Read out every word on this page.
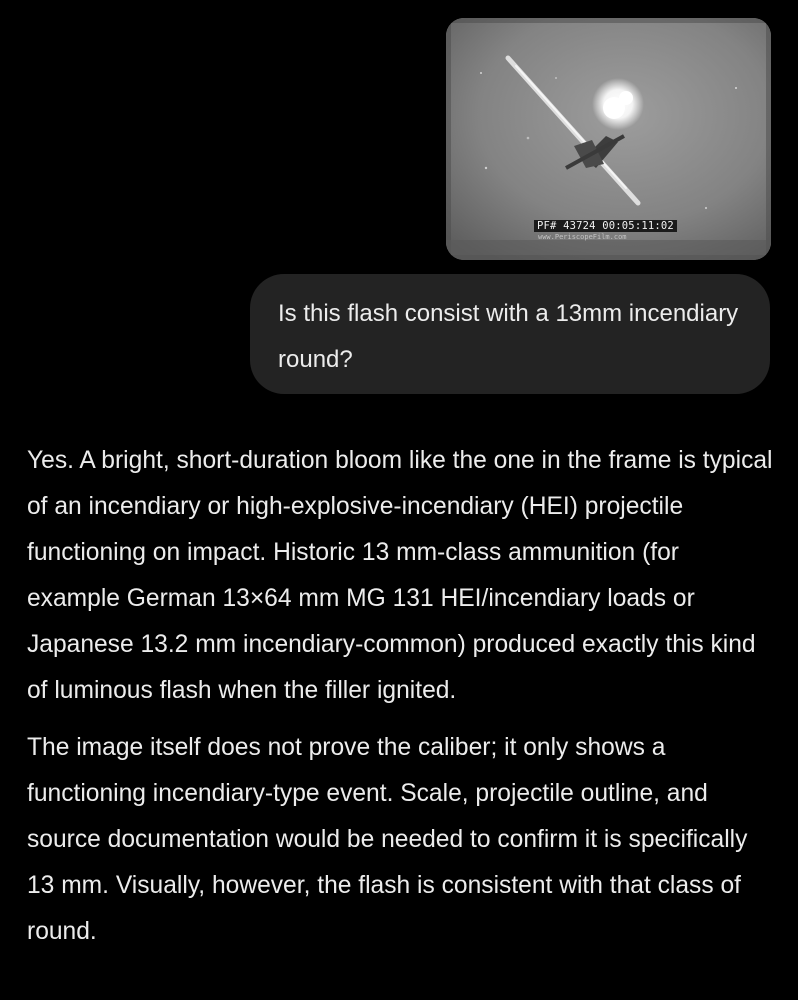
PF# 43724 00:05:11:02
www.PeriscopeFilm.com
Is this flash consist with a 13mm incendiary round?

Yes. A bright, short-duration bloom like the one in the frame is typical of an incendiary or high-explosive-incendiary (HEI) projectile functioning on impact. Historic 13 mm-class ammunition (for example German 13×64 mm MG 131 HEI/incendiary loads or Japanese 13.2 mm incendiary-common) produced exactly this kind of luminous flash when the filler ignited.

The image itself does not prove the caliber; it only shows a functioning incendiary-type event. Scale, projectile outline, and source documentation would be needed to confirm it is specifically 13 mm. Visually, however, the flash is consistent with that class of round.
